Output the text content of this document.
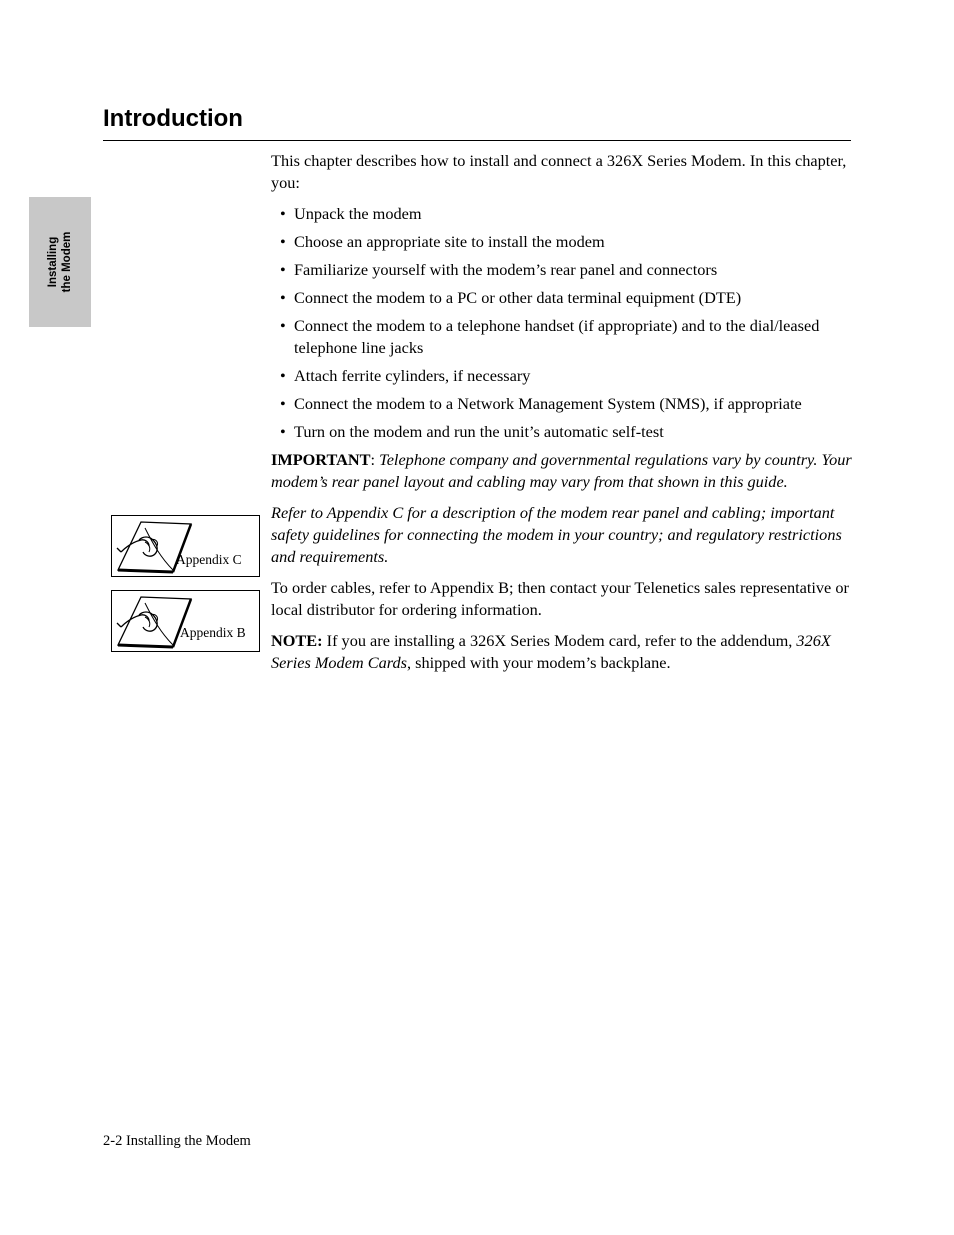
Installing the Modem
Introduction
Appendix C
Appendix B

This chapter describes how to install and connect a 326X Series Modem. In this chapter, you:

• Unpack the modem
• Choose an appropriate site to install the modem
• Familiarize yourself with the modem’s rear panel and connectors
• Connect the modem to a PC or other data terminal equipment (DTE)
• Connect the modem to a telephone handset (if appropriate) and to the dial/leased telephone line jacks
• Attach ferrite cylinders, if necessary
• Connect the modem to a Network Management System (NMS), if appropriate
• Turn on the modem and run the unit’s automatic self-test

IMPORTANT: Telephone company and governmental regulations vary by country. Your modem’s rear panel layout and cabling may vary from that shown in this guide.

Refer to Appendix C for a description of the modem rear panel and cabling; important safety guidelines for connecting the modem in your country; and regulatory restrictions and requirements.

To order cables, refer to Appendix B; then contact your Telenetics sales representative or local distributor for ordering information.

NOTE: If you are installing a 326X Series Modem card, refer to the addendum, 326X Series Modem Cards, shipped with your modem’s backplane.

2-2 Installing the Modem
